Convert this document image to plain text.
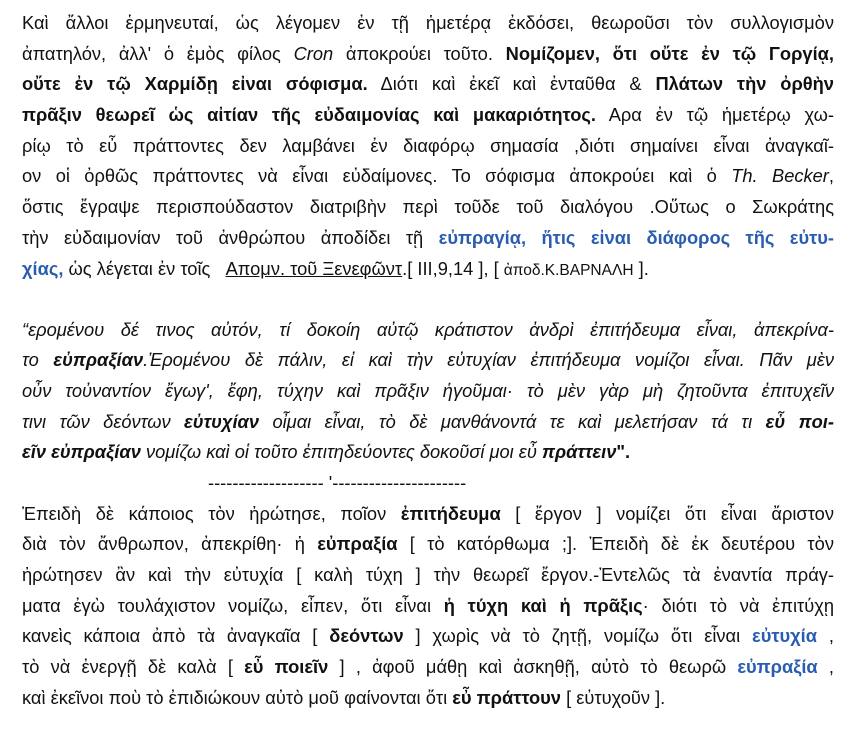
Καὶ ἄλλοι ἑρμηνευταί, ὡς λέγομεν ἐν τῇ ἡμετέρᾳ ἐκδόσει, θεωροῦσι τὸν συλλογισμὸν
ἀπατηλόν, ἀλλ' ὁ ἐμὸς φίλος Cron ἀποκρούει τοῦτο. Νομίζομεν, ὅτι οὔτε ἐν τῷ Γοργίᾳ,
οὔτε ἐν τῷ Χαρμίδῃ εἰναι σόφισμα. Διότι καὶ ἐκεῖ καὶ ἐνταῦθα & Πλάτων τὴν ὀρθὴν
πρᾶξιν θεωρεῖ ὡς αἰτίαν τῆς εὐδαιμονίας καὶ μακαριότητος. Αρα ἐν τῷ ἡμετέρῳ χω-
ρίῳ τὸ εὖ πράττοντες δεν λαμβάνει ἐν διαφόρῳ σημασία ,διότι σημαίνει εἶναι ἀναγκαῖ-
ον οἱ ὀρθῶς πράττοντες νὰ εἶναι εὐδαίμονες. Το σόφισμα ἀποκρούει καὶ ὁ Th. Becker,
ὅστις ἔγραψε περισπούδαστον διατριβὴν περὶ τοῦδε τοῦ διαλόγου .Οὕτως ο Σωκράτης
τὴν εὐδαιμονίαν τοῦ ἀνθρώπου ἀποδίδει τῇ εὐπραγίᾳ, ἥτις εἰναι διάφορος τῆς εὐτυ-
χίας, ὡς λέγεται ἐν τοῖς Απομν. τοῦ Ξενεφῶντ.[ III,9,14 ], [ ἀποδ.Κ.ΒΑΡΝΑΛΗ ].
“ερομένου δέ τινος αὐτόν, τί δοκοίη αὐτῷ κράτιστον ἀνδρὶ ἐπιτήδευμα εἶναι, ἀπεκρίνα-
το εὐπραξίαν.Ἐρομένου δὲ πάλιν, εἰ καὶ τὴν εὐτυχίαν ἐπιτήδευμα νομίζοι εἶναι. Πᾶν μὲν
οὖν τοὐναντίον ἔγωγ', ἔφη, τύχην καὶ πρᾶξιν ἡγοῦμαι· τὸ μὲν γὰρ μὴ ζητοῦντα ἐπιτυχεῖν
τινι τῶν δεόντων εὐτυχίαν οἶμαι εἶναι, τὸ δὲ μανθάνοντά τε καὶ μελετήσαν τά τι εὖ ποι-
εῖν εὐπραξίαν νομίζω καὶ οἱ τοῦτο ἐπιτηδεύοντες δοκοῦσί μοι εὖ πράττειν".
------------------- '----------------------
Ἐπειδὴ δὲ κάποιος τὸν ἠρώτησε, ποῖον ἐπιτήδευμα [ ἔργον ] νομίζει ὅτι εἶναι ἄριστον
διὰ τὸν ἄνθρωπον, ἀπεκρίθη· ἡ εὐπραξία [ τὸ κατόρθωμα ;]. Ἐπειδὴ δὲ ἐκ δευτέρου τὸν
ἠρώτησεν ἂν καὶ τὴν εὐτυχία [ καλὴ τύχη ] τὴν θεωρεῖ ἔργον.-Ἐντελῶς τὰ ἐναντία πράγ-
ματα ἐγὼ τουλάχιστον νομίζω, εἶπεν, ὅτι εἶναι ἡ τύχη καὶ ἡ πρᾶξις· διότι τὸ νὰ ἐπιτύχῃ
κανεὶς κάποια ἀπὸ τὰ ἀναγκαῖα [ δεόντων ] χωρὶς νὰ τὸ ζητῇ, νομίζω ὅτι εἶναι εὐτυχία ,
τὸ νὰ ἐνεργῇ δὲ καλὰ [ εὖ ποιεῖν ] , ἀφοῦ μάθῃ καὶ ἀσκηθῇ, αὐτὸ τὸ θεωρῶ εὐπραξία ,
καὶ ἐκεῖνοι ποὺ τὸ ἐπιδιώκουν αὐτὸ μοῦ φαίνονται ὅτι εὖ πράττουν [ εὐτυχοῦν ].
